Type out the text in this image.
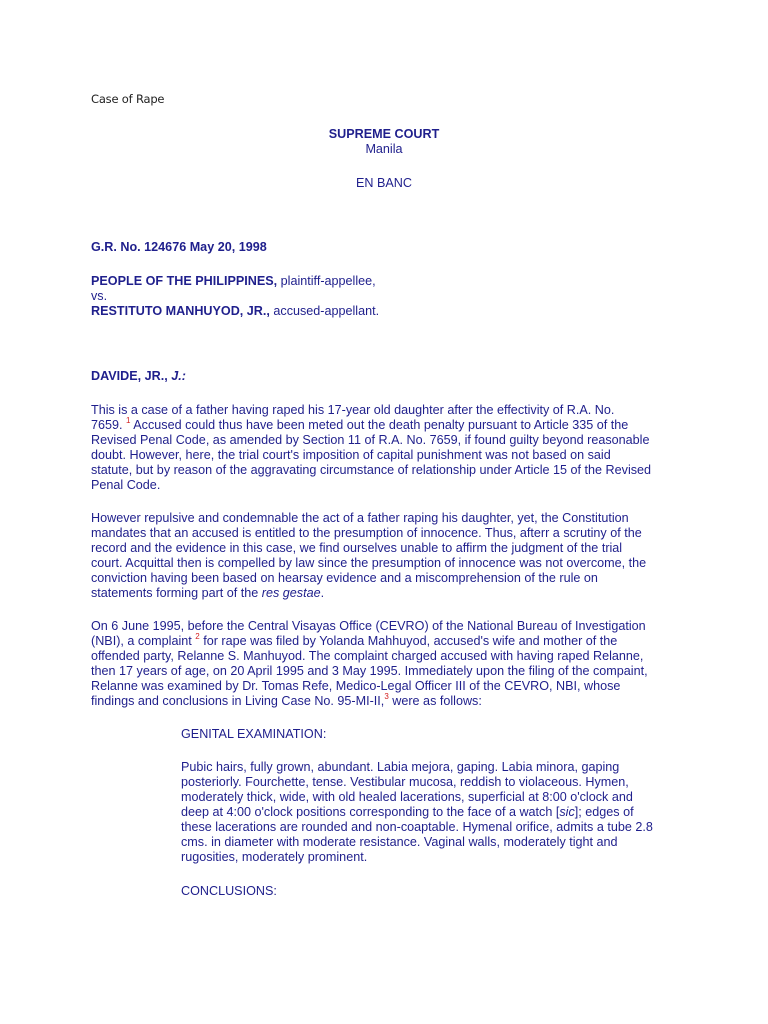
Case of Rape
SUPREME COURT
Manila
EN BANC
G.R. No. 124676 May 20, 1998
PEOPLE OF THE PHILIPPINES, plaintiff-appellee,
vs.
RESTITUTO MANHUYOD, JR., accused-appellant.
DAVIDE, JR., J.:
This is a case of a father having raped his 17-year old daughter after the effectivity of R.A. No.
7659. $^1$ Accused could thus have been meted out the death penalty pursuant to Article 335 of the
Revised Penal Code, as amended by Section 11 of R.A. No. 7659, if found guilty beyond reasonable
doubt. However, here, the trial court's imposition of capital punishment was not based on said
statute, but by reason of the aggravating circumstance of relationship under Article 15 of the Revised
Penal Code.
However repulsive and condemnable the act of a father raping his daughter, yet, the Constitution
mandates that an accused is entitled to the presumption of innocence. Thus, afterr a scrutiny of the
record and the evidence in this case, we find ourselves unable to affirm the judgment of the trial
court. Acquittal then is compelled by law since the presumption of innocence was not overcome, the
conviction having been based on hearsay evidence and a miscomprehension of the rule on
statements forming part of the res gestae.
On 6 June 1995, before the Central Visayas Office (CEVRO) of the National Bureau of Investigation
(NBI), a complaint $^2$ for rape was filed by Yolanda Mahhuyod, accused's wife and mother of the
offended party, Relanne S. Manhuyod. The complaint charged accused with having raped Relanne,
then 17 years of age, on 20 April 1995 and 3 May 1995. Immediately upon the filing of the compaint,
Relanne was examined by Dr. Tomas Refe, Medico-Legal Officer III of the CEVRO, NBI, whose
findings and conclusions in Living Case No. 95-MI-II,$^3$ were as follows:
GENITAL EXAMINATION:
Pubic hairs, fully grown, abundant. Labia mejora, gaping. Labia minora, gaping
posteriorly. Fourchette, tense. Vestibular mucosa, reddish to violaceous. Hymen,
moderately thick, wide, with old healed lacerations, superficial at 8:00 o'clock and
deep at 4:00 o'clock positions corresponding to the face of a watch [sic]; edges of
these lacerations are rounded and non-coaptable. Hymenal orifice, admits a tube 2.8
cms. in diameter with moderate resistance. Vaginal walls, moderately tight and
rugosities, moderately prominent.
CONCLUSIONS:
